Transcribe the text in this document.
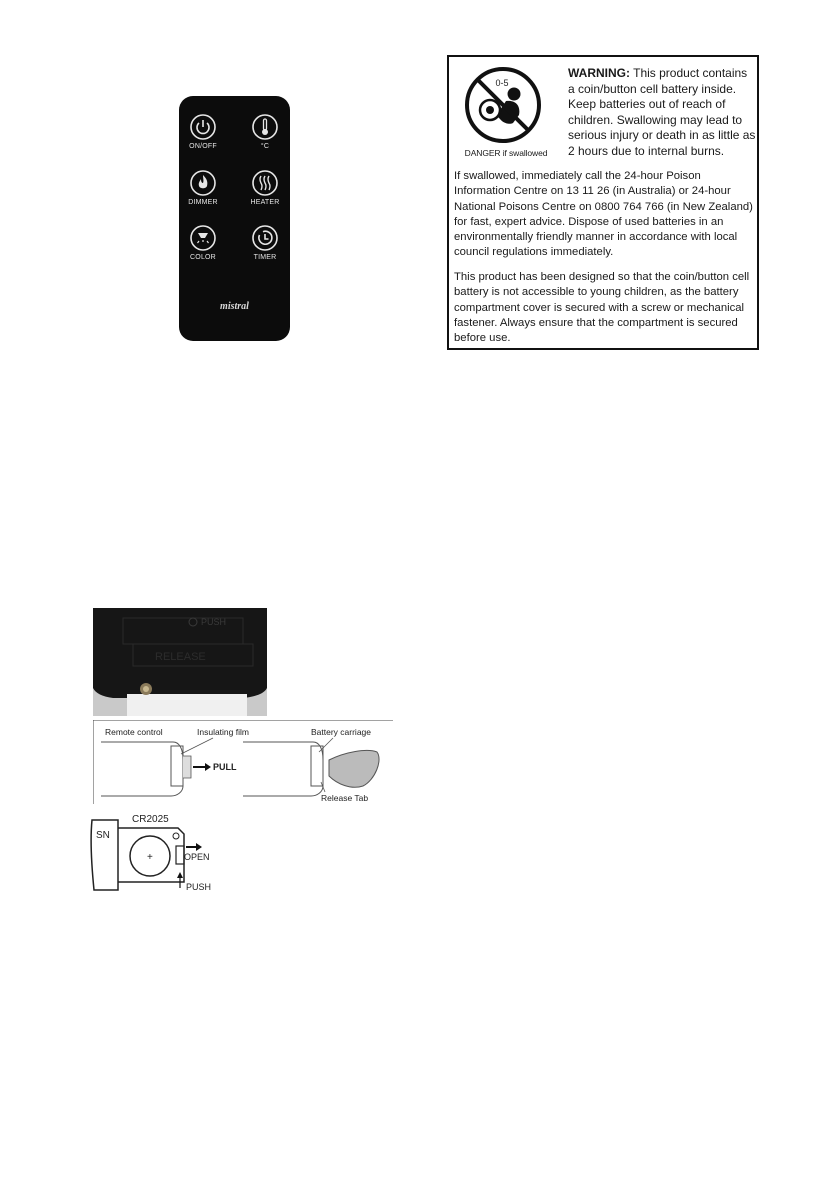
ON/OFF	°C
DIMMER	HEATER
COLOR	TIMER
mistral
0-5
DANGER if swallowed
WARNING: This product contains a coin/button cell battery inside. Keep batteries out of reach of children. Swallowing may lead to serious injury or death in as little as 2 hours due to internal burns.
If swallowed, immediately call the 24-hour Poison Information Centre on 13 11 26 (in Australia) or 24-hour National Poisons Centre on 0800 764 766 (in New Zealand) for fast, expert advice. Dispose of used batteries in an environmentally friendly manner in accordance with local council regulations immediately.
This product has been designed so that the coin/button cell battery is not accessible to young children, as the battery compartment cover is secured with a screw or mechanical fastener. Always ensure that the compartment is secured before use.
PUSH
RELEASE
Remote control	Insulating film
PULL
Battery carriage
Release Tab
SN
CR2025
+	OPEN
PUSH
